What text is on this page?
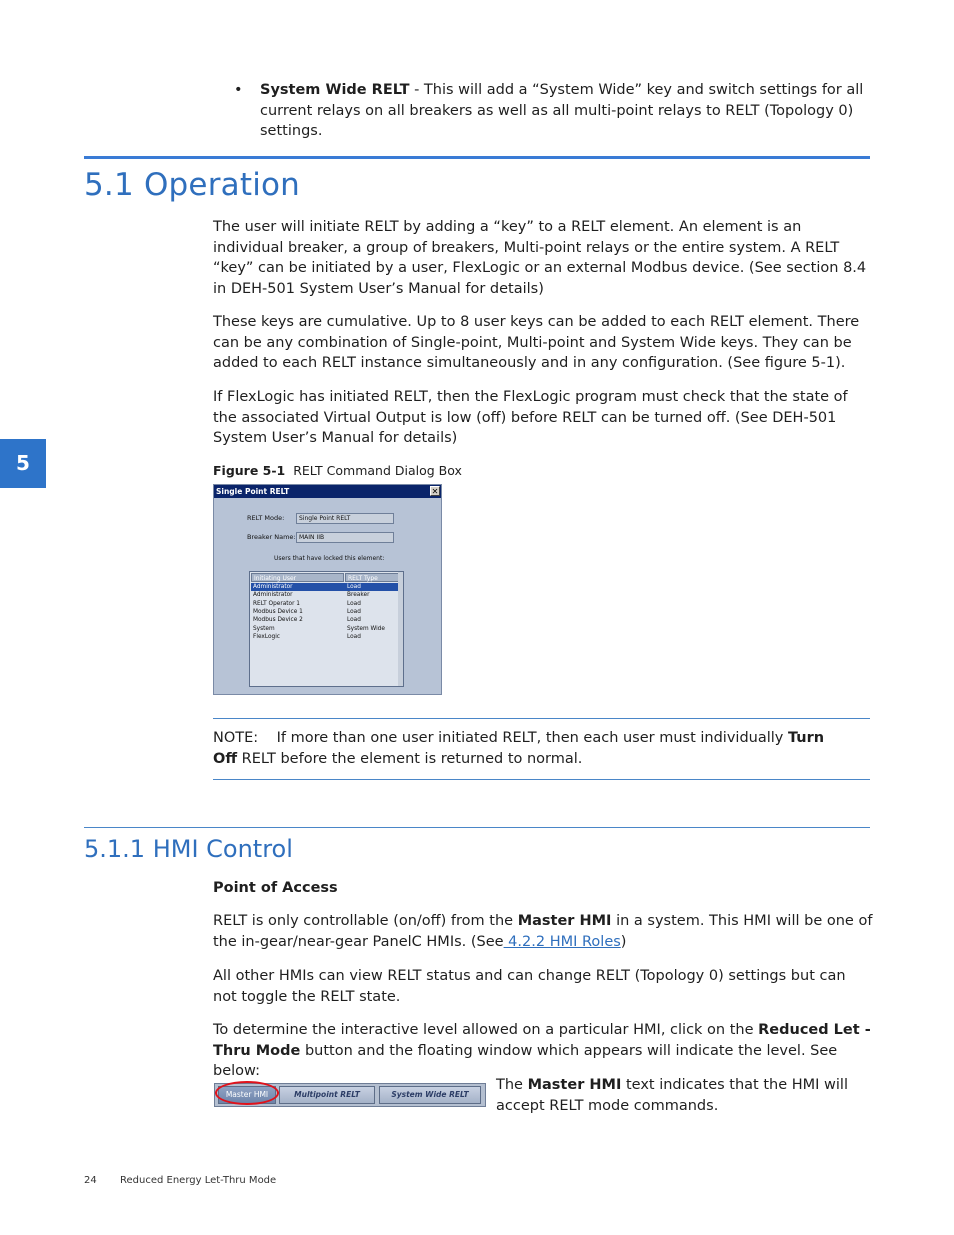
• System Wide RELT - This will add a “System Wide” key and switch settings for all current relays on all breakers as well as all multi-point relays to RELT (Topology 0) settings.
5.1 Operation
The user will initiate RELT by adding a “key” to a RELT element. An element is an individual breaker, a group of breakers, Multi-point relays or the entire system. A RELT “key” can be initiated by a user, FlexLogic or an external Modbus device. (See section 8.4 in DEH-501 System User’s Manual for details)
These keys are cumulative. Up to 8 user keys can be added to each RELT element. There can be any combination of Single-point, Multi-point and System Wide keys. They can be added to each RELT instance simultaneously and in any configuration. (See figure 5-1).
If FlexLogic has initiated RELT, then the FlexLogic program must check that the state of the associated Virtual Output is low (off) before RELT can be turned off. (See DEH-501 System User’s Manual for details)
Figure 5-1 RELT Command Dialog Box
Single Point RELT	✕
RELT Mode:	Single Point RELT
Breaker Name: MAIN IIB
Users that have locked this element:
Initiating User	RELT Type
Administrator	Load
Administrator	Breaker
RELT Operator 1	Load
Modbus Device 1	Load
Modbus Device 2	Load
System	System Wide
FlexLogic	Load
NOTE: If more than one user initiated RELT, then each user must individually Turn Off RELT before the element is returned to normal.
5.1.1 HMI Control
Point of Access
RELT is only controllable (on/off) from the Master HMI in a system. This HMI will be one of the in-gear/near-gear PanelC HMIs. (See 4.2.2 HMI Roles)
All other HMIs can view RELT status and can change RELT (Topology 0) settings but can not toggle the RELT state.
To determine the interactive level allowed on a particular HMI, click on the Reduced Let - Thru Mode button and the floating window which appears will indicate the level. See below:
Master HMI	Multipoint RELT	System Wide RELT
The Master HMI text indicates that the HMI will accept RELT mode commands.
5
24 Reduced Energy Let-Thru Mode
